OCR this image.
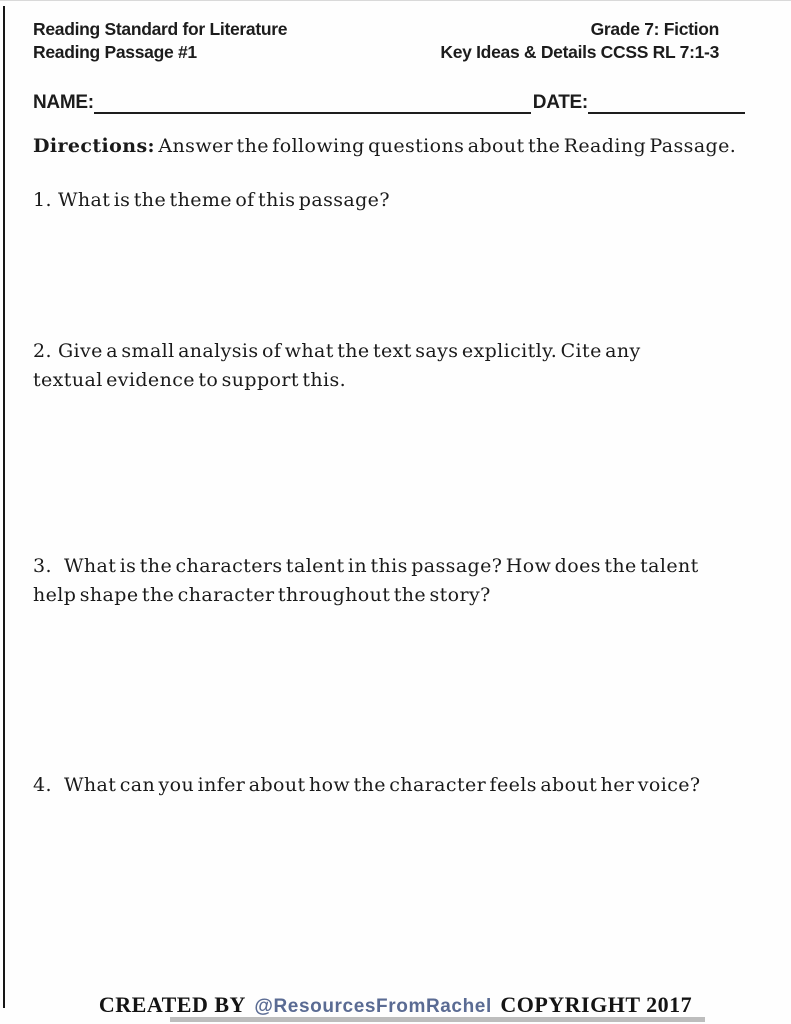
Reading Standard for Literature
Reading Passage #1
Grade 7: Fiction
Key Ideas & Details CCSS RL 7:1-3
NAME:	DATE:
Directions: Answer the following questions about the Reading Passage.
1. What is the theme of this passage?
2. Give a small analysis of what the text says explicitly. Cite any textual evidence to support this.
3. What is the characters talent in this passage? How does the talent help shape the character throughout the story?
4. What can you infer about how the character feels about her voice?
CREATED BY @ResourcesFromRachel COPYRIGHT 2017
